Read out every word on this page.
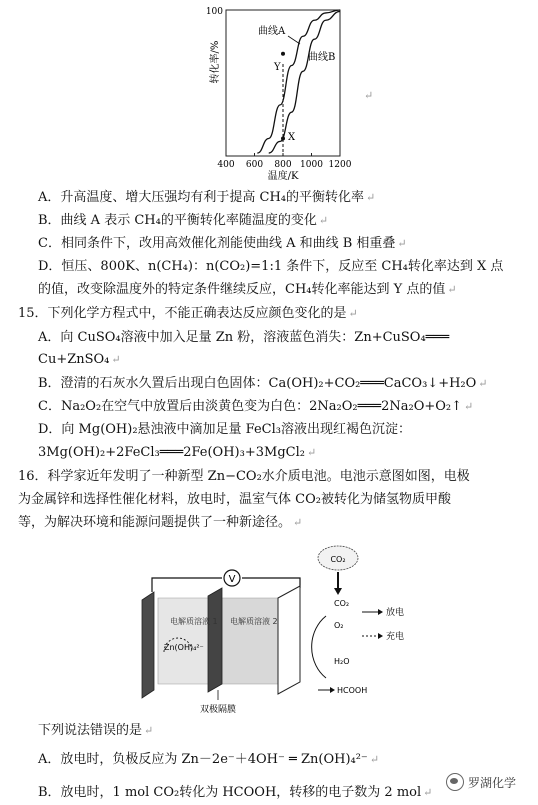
100
转化率/%
400 600 800 1000 1200
温度/K
Y
X
曲线A
曲线B
↵
A．升高温度、增大压强均有利于提高 CH₄的平衡转化率 ↵
B．曲线 A 表示 CH₄的平衡转化率随温度的变化 ↵
C．相同条件下，改用高效催化剂能使曲线 A 和曲线 B 相重叠 ↵
D．恒压、800K、n(CH₄)：n(CO₂)=1:1 条件下，反应至 CH₄转化率达到 X 点
的值，改变除温度外的特定条件继续反应，CH₄转化率能达到 Y 点的值 ↵
15．下列化学方程式中，不能正确表达反应颜色变化的是 ↵
A．向 CuSO₄溶液中加入足量 Zn 粉，溶液蓝色消失：Zn+CuSO₄═══
Cu+ZnSO₄ ↵
B．澄清的石灰水久置后出现白色固体：Ca(OH)₂+CO₂═══CaCO₃↓+H₂O ↵
C．Na₂O₂在空气中放置后由淡黄色变为白色：2Na₂O₂═══2Na₂O+O₂↑ ↵
D．向 Mg(OH)₂悬浊液中滴加足量 FeCl₃溶液出现红褐色沉淀：
3Mg(OH)₂+2FeCl₃═══2Fe(OH)₃+3MgCl₂ ↵
16．科学家近年发明了一种新型 Zn−CO₂水介质电池。电池示意图如图，电极
为金属锌和选择性催化材料，放电时，温室气体 CO₂被转化为储氢物质甲酸
等，为解决环境和能源问题提供了一种新途径。 ↵
V
电解质溶液 1 电解质溶液 2
Zn(OH)₄²⁻
CO₂
CO₂
O₂
H₂O
HCOOH
放电
充电
双极隔膜
下列说法错误的是 ↵
A．放电时，负极反应为 Zn－2e⁻＋4OH⁻ ═ Zn(OH)₄²⁻ ↵
B．放电时，1 mol CO₂转化为 HCOOH，转移的电子数为 2 mol ↵
罗湖化学
